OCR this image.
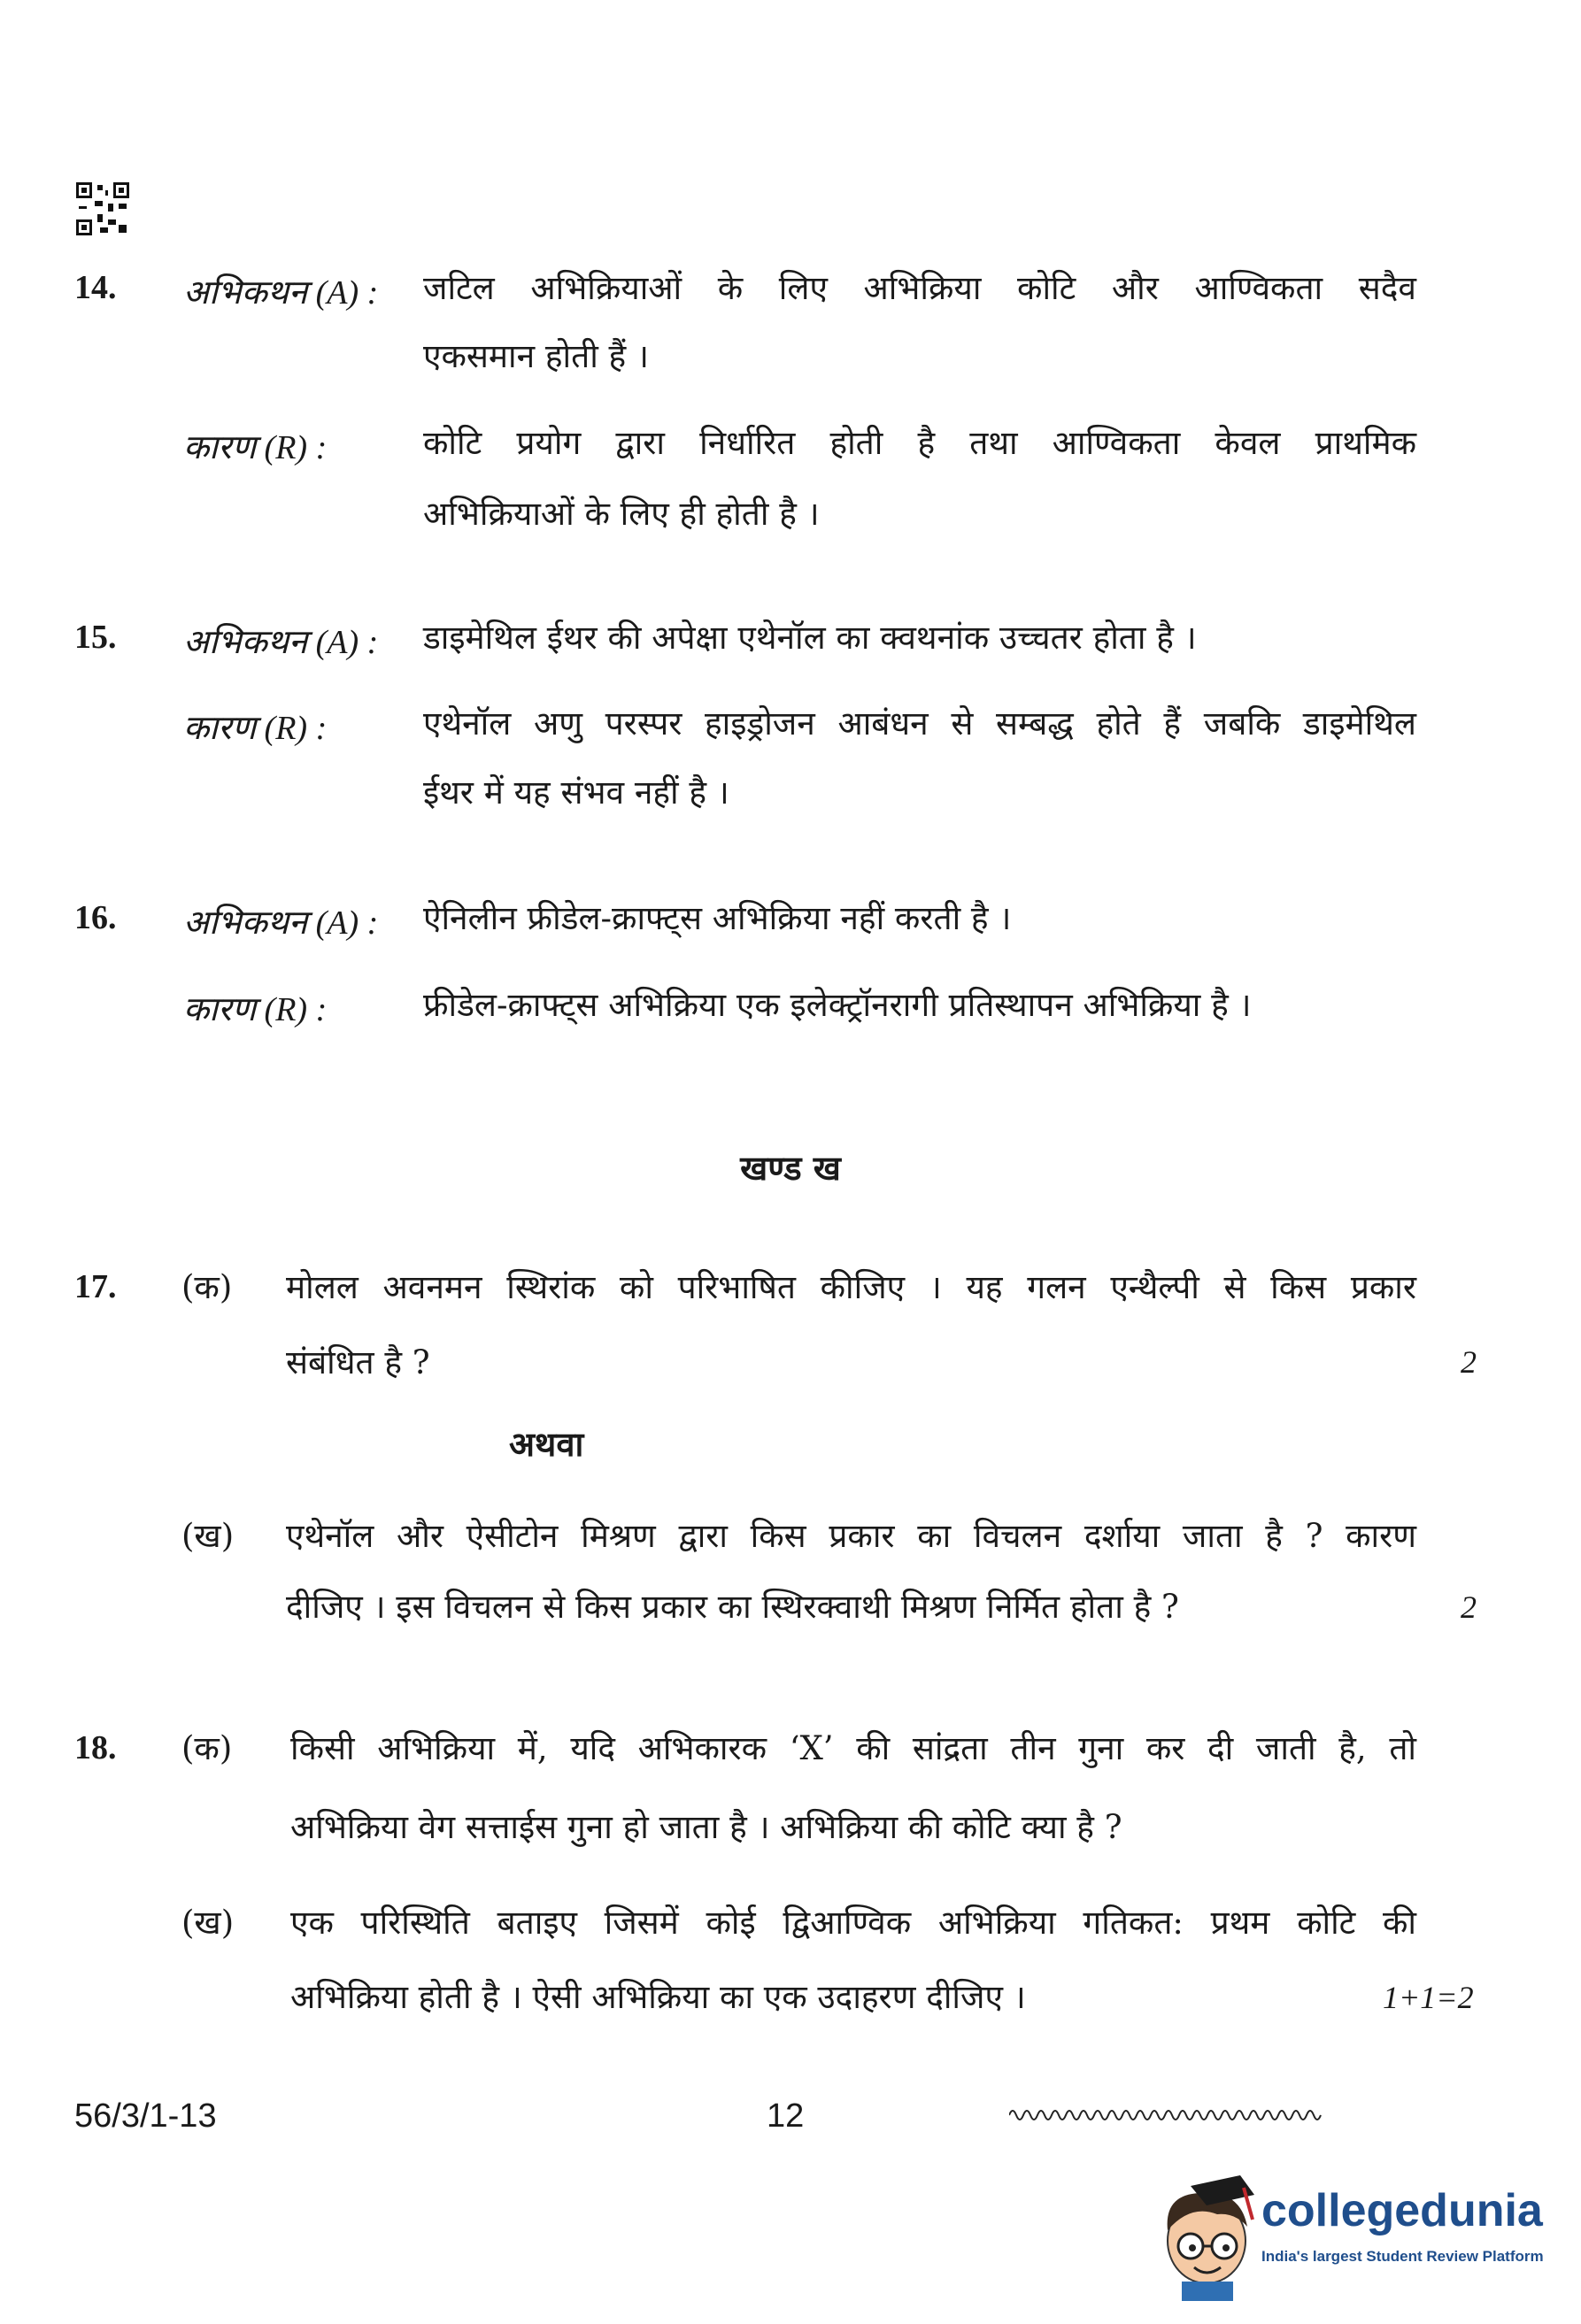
14. अभिकथन (A) : जटिल अभिक्रियाओं के लिए अभिक्रिया कोटि और आण्विकता सदैव
एकसमान होती हैं ।
कारण (R) :	कोटि प्रयोग द्वारा निर्धारित होती है तथा आण्विकता केवल प्राथमिक
अभिक्रियाओं के लिए ही होती है ।
15. अभिकथन (A) : डाइमेथिल ईथर की अपेक्षा एथेनॉल का क्वथनांक उच्चतर होता है ।
कारण (R) :	एथेनॉल अणु परस्पर हाइड्रोजन आबंधन से सम्बद्ध होते हैं जबकि डाइमेथिल
ईथर में यह संभव नहीं है ।
16. अभिकथन (A) : ऐनिलीन फ्रीडेल-क्राफ्ट्स अभिक्रिया नहीं करती है ।
कारण (R) :	फ्रीडेल-क्राफ्ट्स अभिक्रिया एक इलेक्ट्रॉनरागी प्रतिस्थापन अभिक्रिया है ।
खण्ड ख
17. (क) मोलल अवनमन स्थिरांक को परिभाषित कीजिए । यह गलन एन्थैल्पी से किस प्रकार
संबंधित है ?	2
अथवा
(ख) एथेनॉल और ऐसीटोन मिश्रण द्वारा किस प्रकार का विचलन दर्शाया जाता है ? कारण
दीजिए । इस विचलन से किस प्रकार का स्थिरक्वाथी मिश्रण निर्मित होता है ?	2
18. (क) किसी अभिक्रिया में, यदि अभिकारक ‘X’ की सांद्रता तीन गुना कर दी जाती है, तो
अभिक्रिया वेग सत्ताईस गुना हो जाता है । अभिक्रिया की कोटि क्या है ?
(ख) एक परिस्थिति बताइए जिसमें कोई द्विआण्विक अभिक्रिया गतिकत: प्रथम कोटि की
अभिक्रिया होती है । ऐसी अभिक्रिया का एक उदाहरण दीजिए ।	1+1=2
56/3/1-13	12
collegedunia
India's largest Student Review Platform
